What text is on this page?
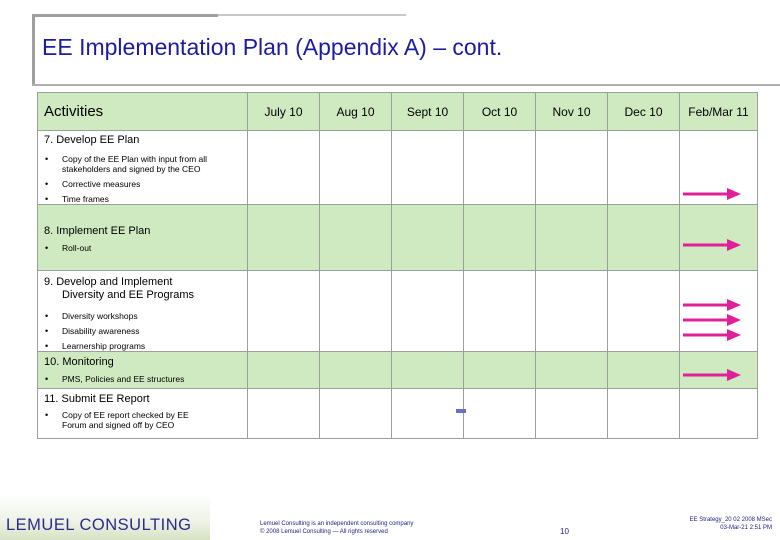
EE Implementation Plan (Appendix A) – cont.
Activities	July 10	Aug 10	Sept 10	Oct 10	Nov 10	Dec 10	Feb/Mar 11

7. Develop EE Plan
• Copy of the EE Plan with input from all
stakeholders and signed by the CEO
• Corrective measures
• Time frames

8. Implement EE Plan
• Roll-out

9. Develop and Implement
Diversity and EE Programs
• Diversity workshops
• Disability awareness
• Learnership programs

10. Monitoring
• PMS, Policies and EE structures

11. Submit EE Report
• Copy of EE report checked by EE
Forum and signed off by CEO

LEMUEL CONSULTING	Lemuel Consulting is an independent consulting company
© 2008 Lemuel Consulting — All rights reserved	10
EE Strategy_20 02 2008 MSec
03-Mar-21 2:51 PM
